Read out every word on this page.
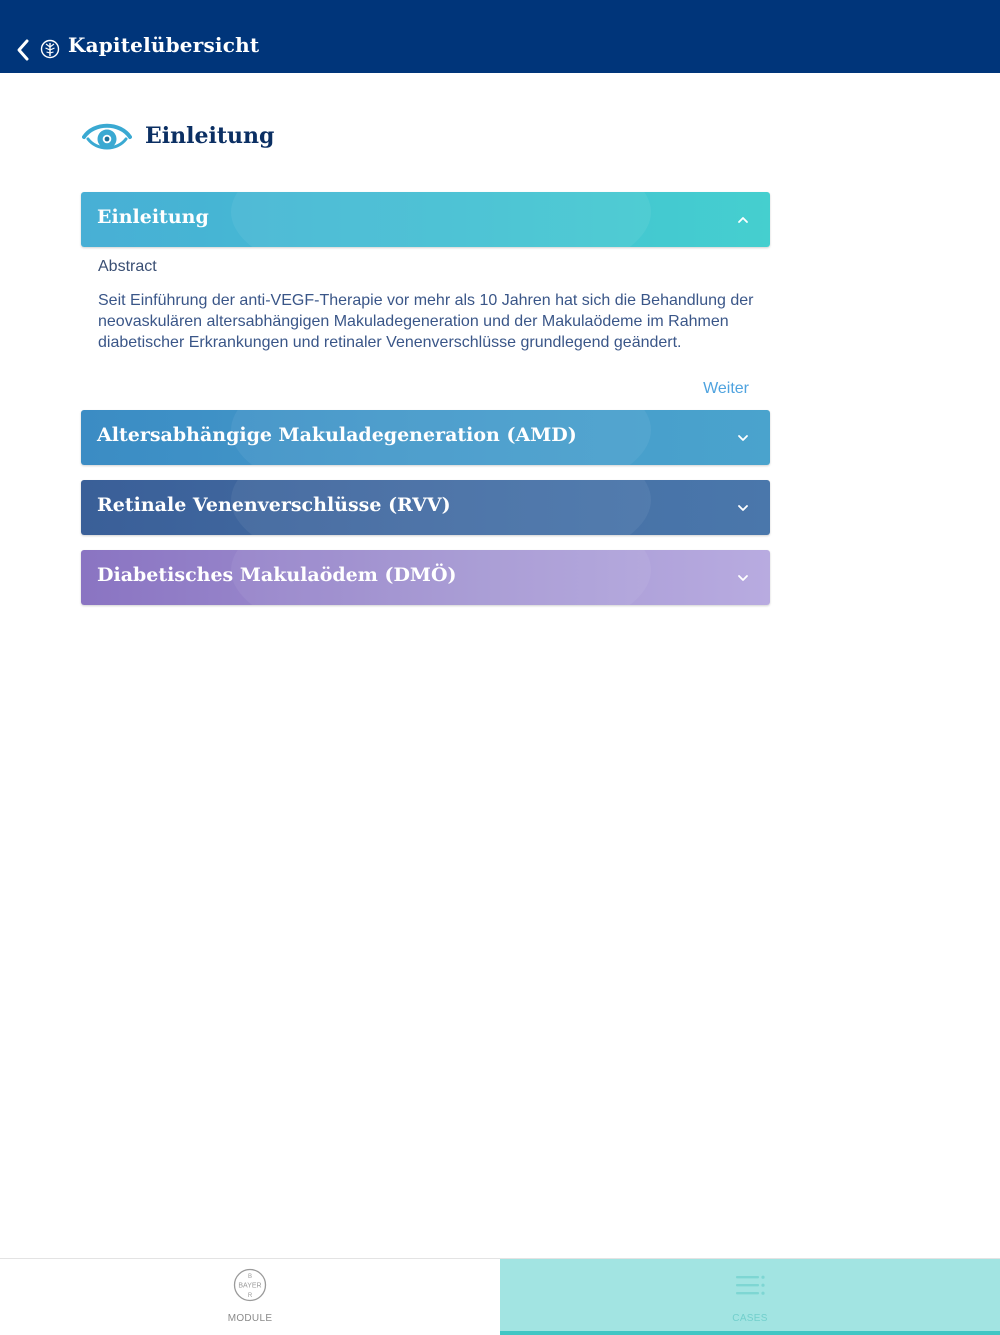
Kapitelübersicht
Einleitung
Einleitung

Abstract

Seit Einführung der anti-VEGF-Therapie vor mehr als 10 Jahren hat sich die Behandlung der neovaskulären altersabhängigen Makuladegeneration und der Makulaödeme im Rahmen diabetischer Erkrankungen und retinaler Venenverschlüsse grundlegend geändert.

Weiter
Altersabhängige Makuladegeneration (AMD)
Retinale Venenverschlüsse (RVV)
Diabetisches Makulaödem (DMÖ)
BAYER
B
R
MODULE	CASES
